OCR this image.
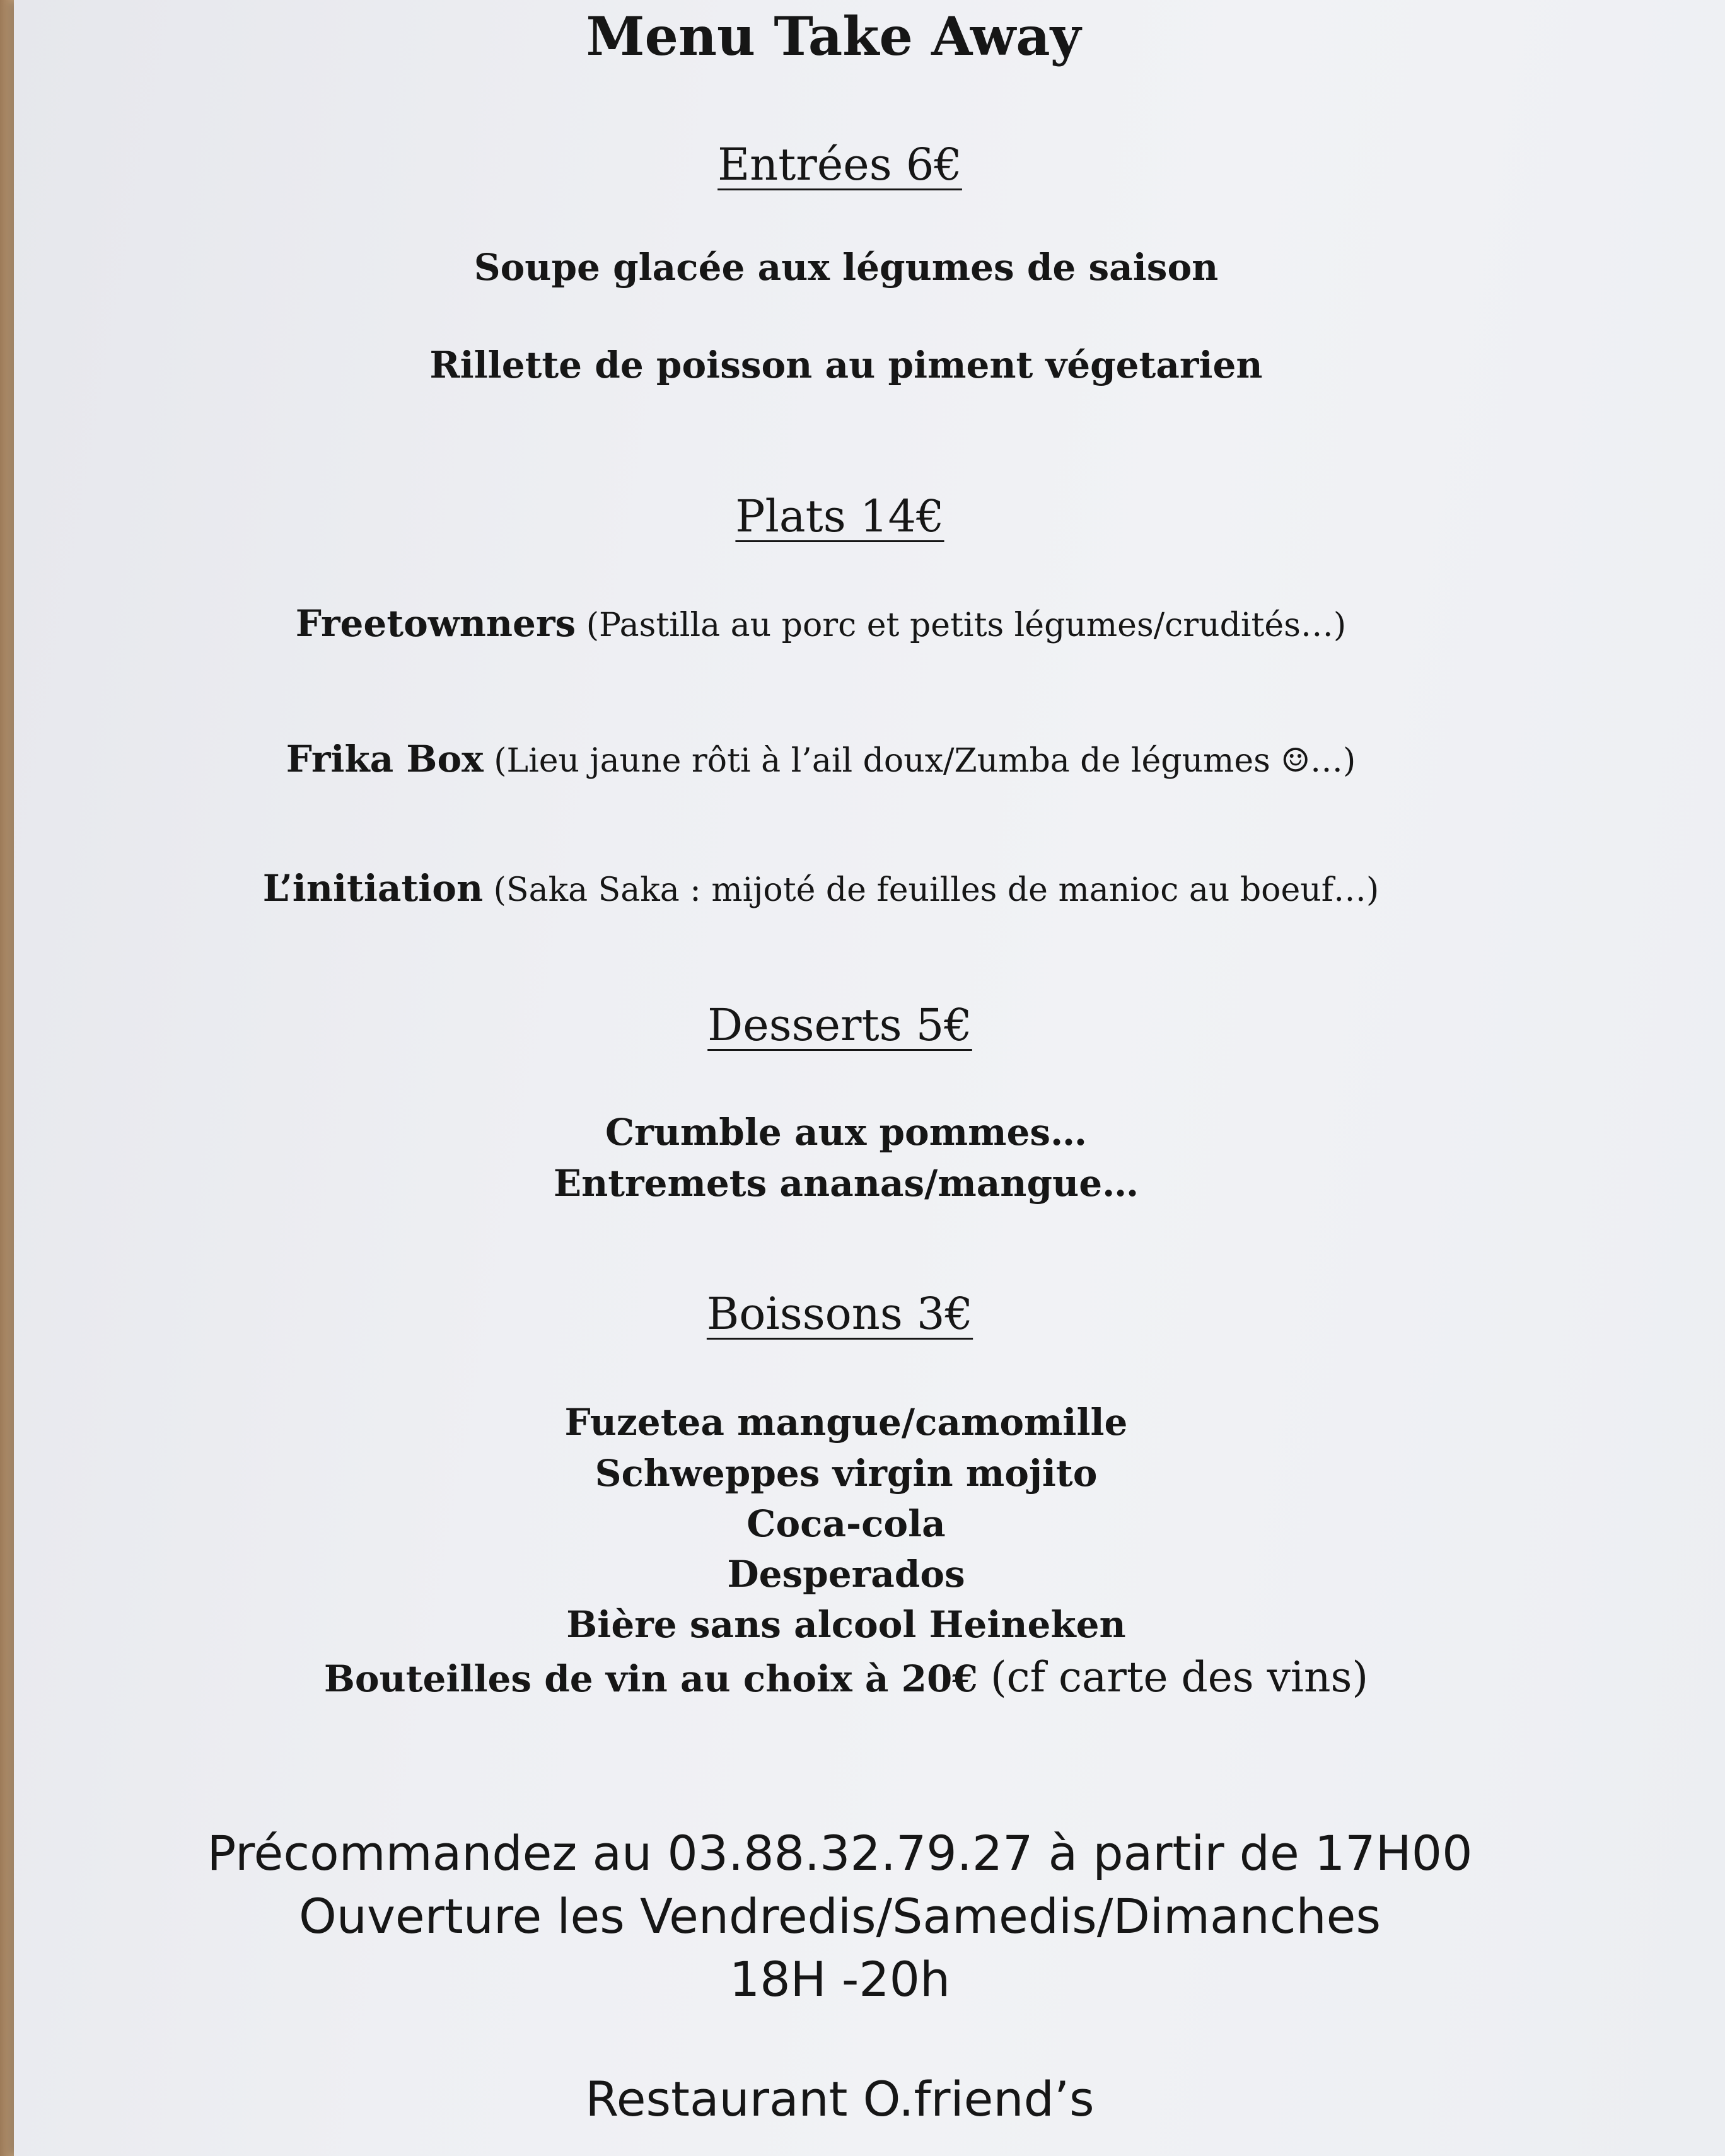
Menu Take Away

Entrées 6€

Soupe glacée aux légumes de saison

Rillette de poisson au piment végetarien

Plats 14€

Freetownners (Pastilla au porc et petits légumes/crudités…)

Frika Box (Lieu jaune rôti à l’ail doux/Zumba de légumes ☺…)

L’initiation (Saka Saka : mijoté de feuilles de manioc au boeuf…)

Desserts 5€

Crumble aux pommes…

Entremets ananas/mangue…

Boissons 3€

Fuzetea mangue/camomille

Schweppes virgin mojito

Coca-cola

Desperados

Bière sans alcool Heineken

Bouteilles de vin au choix à 20€ (cf carte des vins)

Précommandez au 03.88.32.79.27 à partir de 17H00

Ouverture les Vendredis/Samedis/Dimanches

18H -20h

Restaurant O.friend’s
